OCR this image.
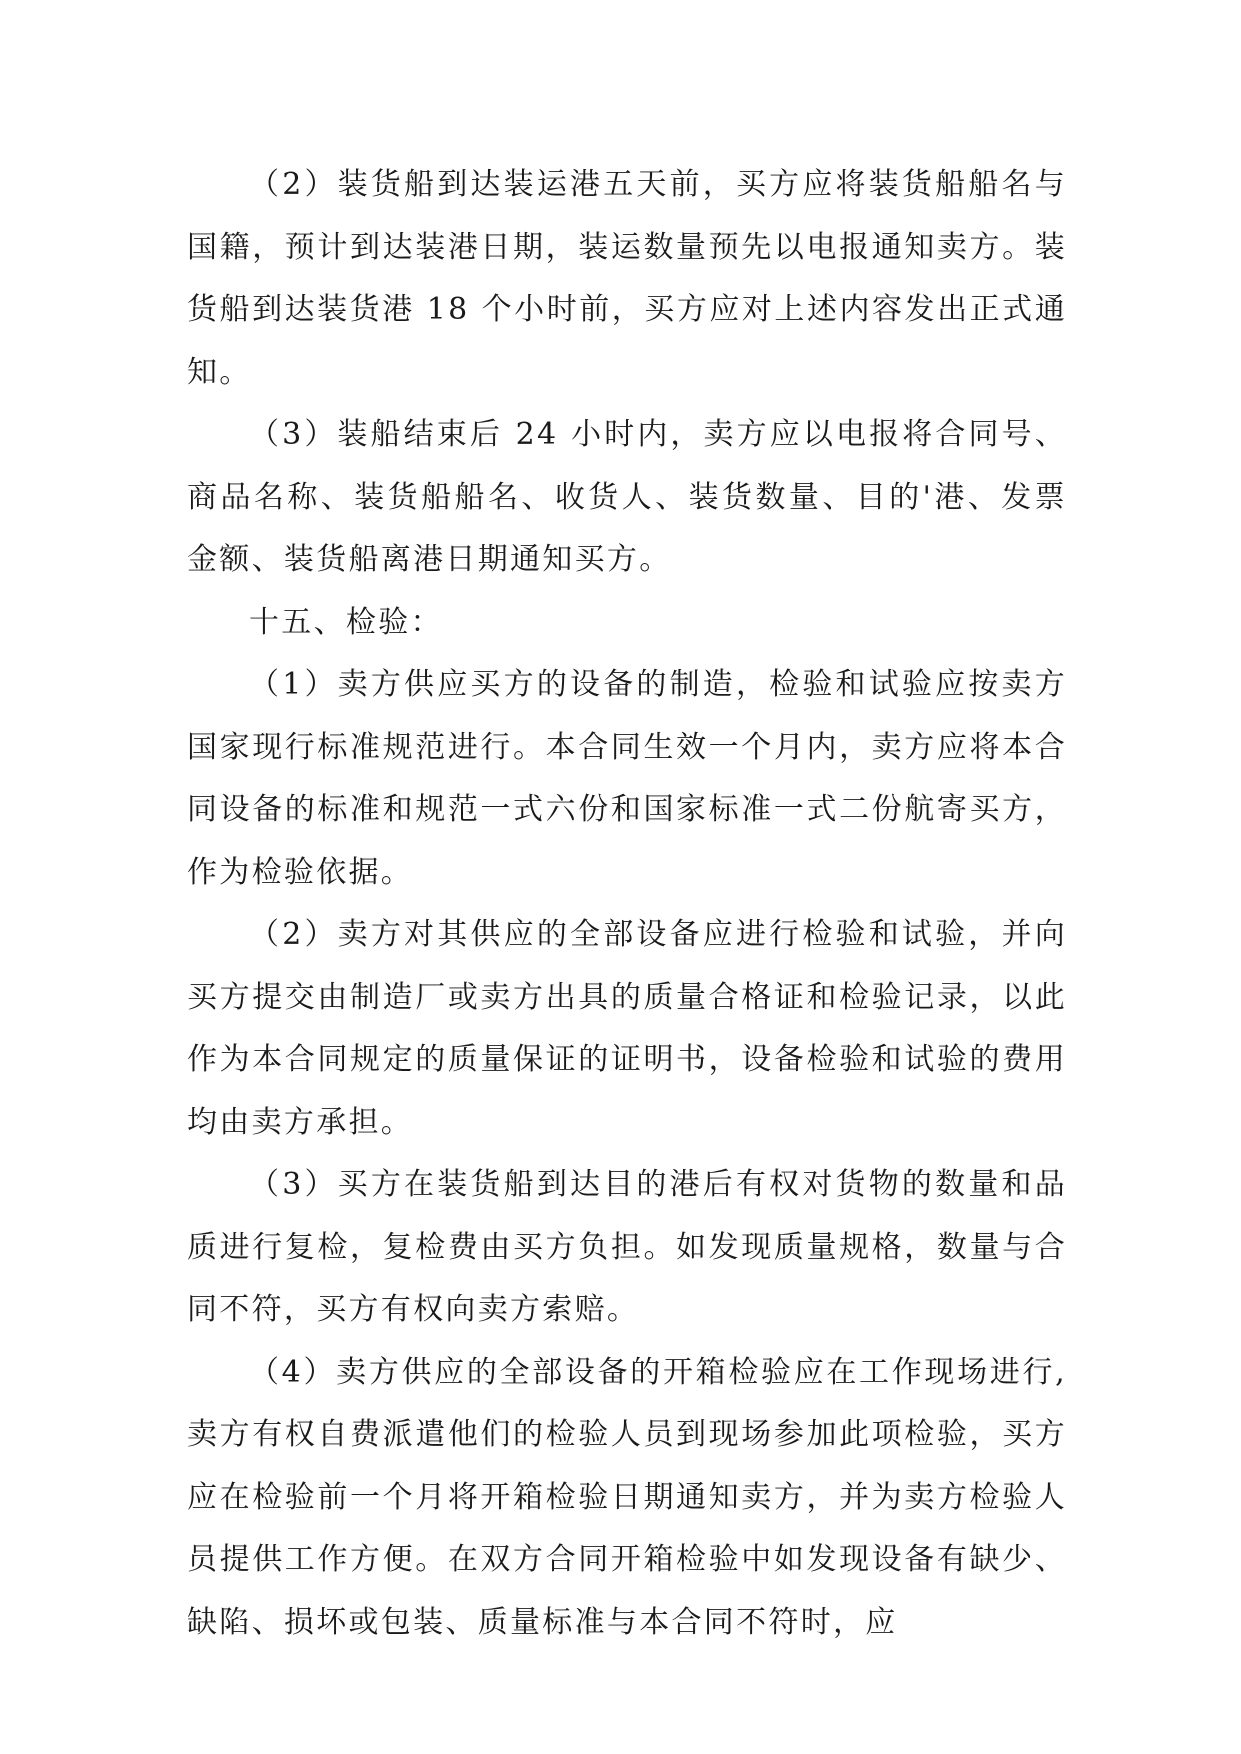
（2）装货船到达装运港五天前，买方应将装货船船名与国籍，预计到达装港日期，装运数量预先以电报通知卖方。装货船到达装货港 18 个小时前，买方应对上述内容发出正式通知。

（3）装船结束后 24 小时内，卖方应以电报将合同号、商品名称、装货船船名、收货人、装货数量、目的'港、发票金额、装货船离港日期通知买方。

十五、检验：

（1）卖方供应买方的设备的制造，检验和试验应按卖方国家现行标准规范进行。本合同生效一个月内，卖方应将本合同设备的标准和规范一式六份和国家标准一式二份航寄买方，作为检验依据。

（2）卖方对其供应的全部设备应进行检验和试验，并向买方提交由制造厂或卖方出具的质量合格证和检验记录，以此作为本合同规定的质量保证的证明书，设备检验和试验的费用均由卖方承担。

（3）买方在装货船到达目的港后有权对货物的数量和品质进行复检，复检费由买方负担。如发现质量规格，数量与合同不符，买方有权向卖方索赔。

（4）卖方供应的全部设备的开箱检验应在工作现场进行,卖方有权自费派遣他们的检验人员到现场参加此项检验，买方应在检验前一个月将开箱检验日期通知卖方，并为卖方检验人员提供工作方便。在双方合同开箱检验中如发现设备有缺少、缺陷、损坏或包装、质量标准与本合同不符时，应
